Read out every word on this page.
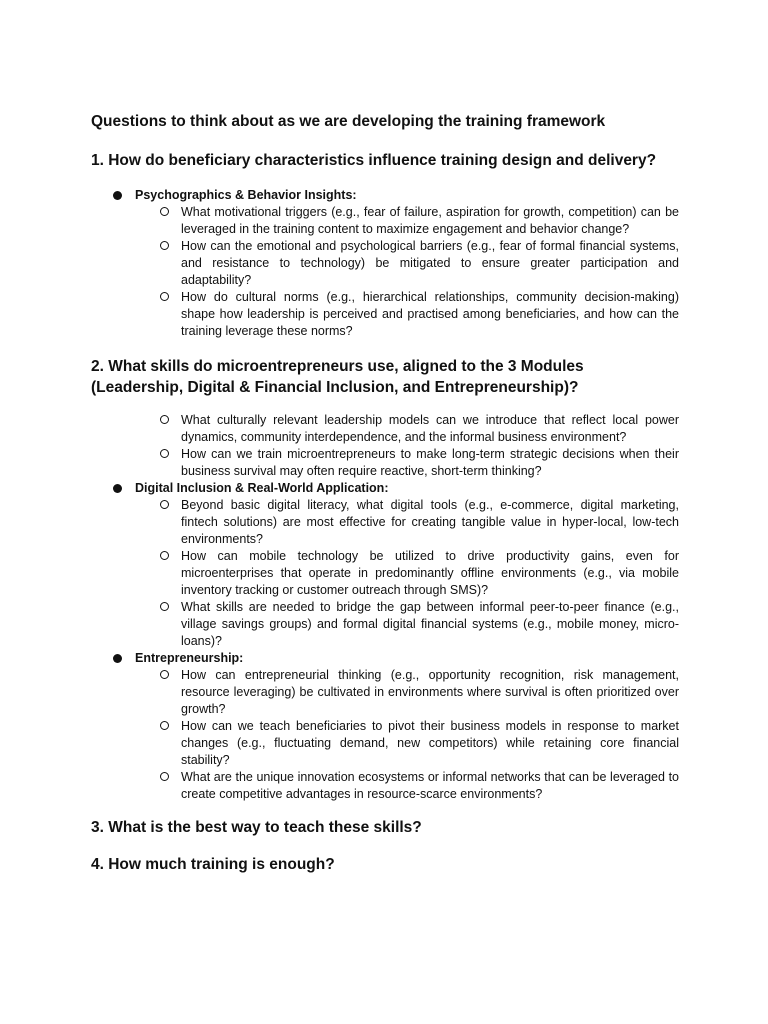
Questions to think about as we are developing the training framework
1. How do beneficiary characteristics influence training design and delivery?
Psychographics & Behavior Insights:
What motivational triggers (e.g., fear of failure, aspiration for growth, competition) can be leveraged in the training content to maximize engagement and behavior change?
How can the emotional and psychological barriers (e.g., fear of formal financial systems, and resistance to technology) be mitigated to ensure greater participation and adaptability?
How do cultural norms (e.g., hierarchical relationships, community decision-making) shape how leadership is perceived and practised among beneficiaries, and how can the training leverage these norms?
2. What skills do microentrepreneurs use, aligned to the 3 Modules (Leadership, Digital & Financial Inclusion, and Entrepreneurship)?
What culturally relevant leadership models can we introduce that reflect local power dynamics, community interdependence, and the informal business environment?
How can we train microentrepreneurs to make long-term strategic decisions when their business survival may often require reactive, short-term thinking?
Digital Inclusion & Real-World Application:
Beyond basic digital literacy, what digital tools (e.g., e-commerce, digital marketing, fintech solutions) are most effective for creating tangible value in hyper-local, low-tech environments?
How can mobile technology be utilized to drive productivity gains, even for microenterprises that operate in predominantly offline environments (e.g., via mobile inventory tracking or customer outreach through SMS)?
What skills are needed to bridge the gap between informal peer-to-peer finance (e.g., village savings groups) and formal digital financial systems (e.g., mobile money, micro-loans)?
Entrepreneurship:
How can entrepreneurial thinking (e.g., opportunity recognition, risk management, resource leveraging) be cultivated in environments where survival is often prioritized over growth?
How can we teach beneficiaries to pivot their business models in response to market changes (e.g., fluctuating demand, new competitors) while retaining core financial stability?
What are the unique innovation ecosystems or informal networks that can be leveraged to create competitive advantages in resource-scarce environments?
3. What is the best way to teach these skills?
4. How much training is enough?
